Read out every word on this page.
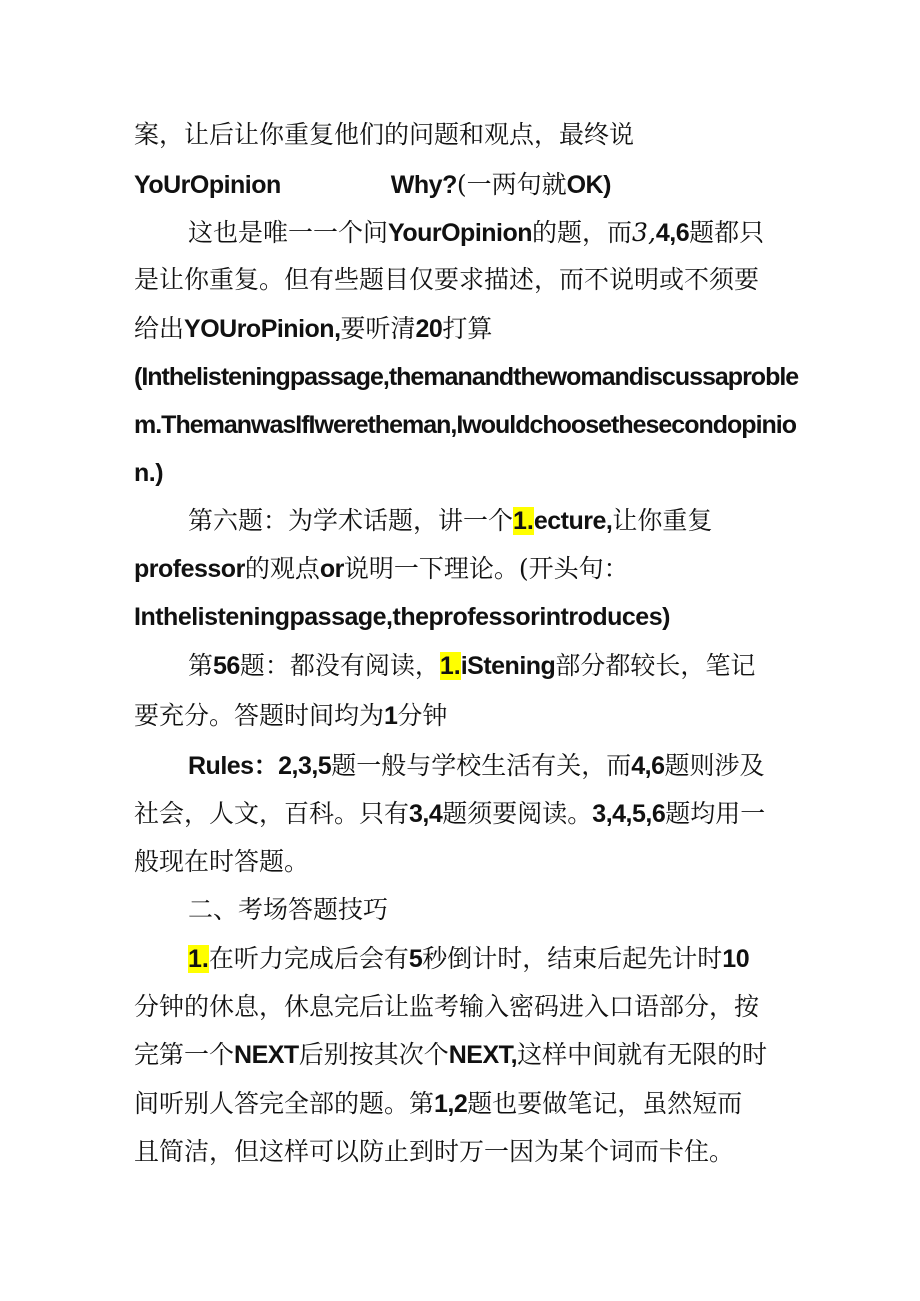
案，让后让你重复他们的问题和观点，最终说
YoUrOpinion	Why?(一两句就OK)
这也是唯一一个问YourOpinion的题，而3,4,6题都只
是让你重复。但有些题目仅要求描述，而不说明或不须要
给出YOUroPinion,要听清20打算
(Inthelisteningpassage,themanandthewomandiscussaproble
m.ThemanwasIfIweretheman,Iwouldchoosethesecondopinio
n.)
第六题：为学术话题，讲一个1.ecture,让你重复
professor的观点or说明一下理论。(开头句：
Inthelisteningpassage,theprofessorintroduces)
第56题：都没有阅读，1.iStening部分都较长，笔记
要充分。答题时间均为1分钟
Rules：2,3,5题一般与学校生活有关，而4,6题则涉及
社会，人文，百科。只有3,4题须要阅读。3,4,5,6题均用一
般现在时答题。
二、考场答题技巧
1.在听力完成后会有5秒倒计时，结束后起先计时10
分钟的休息，休息完后让监考输入密码进入口语部分，按
完第一个NEXT后别按其次个NEXT,这样中间就有无限的时
间听别人答完全部的题。第1,2题也要做笔记，虽然短而
且简洁，但这样可以防止到时万一因为某个词而卡住。
